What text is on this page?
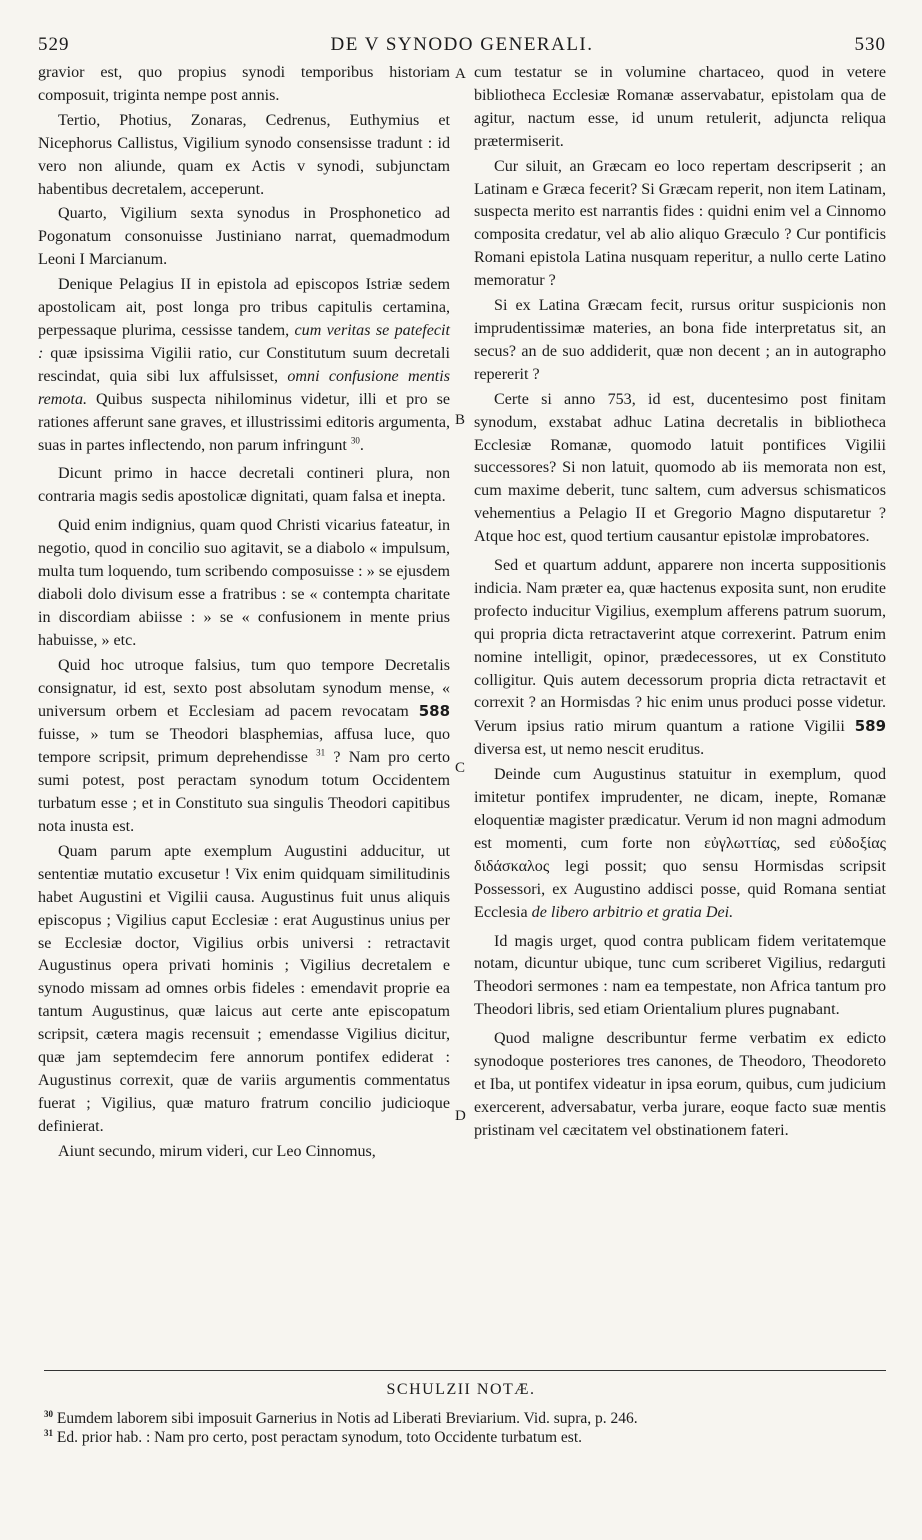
529	DE V SYNODO GENERALI.	530
A
B
C
D

gravior est, quo propius synodi temporibus historiam composuit, triginta nempe post annis.

Tertio, Photius, Zonaras, Cedrenus, Euthymius et Nicephorus Callistus, Vigilium synodo consensisse tradunt : id vero non aliunde, quam ex Actis v synodi, subjunctam habentibus decretalem, acceperunt.

Quarto, Vigilium sexta synodus in Prosphonetico ad Pogonatum consonuisse Justiniano narrat, quemadmodum Leoni I Marcianum.

Denique Pelagius II in epistola ad episcopos Istriæ sedem apostolicam ait, post longa pro tribus capitulis certamina, perpessaque plurima, cessisse tandem, cum veritas se patefecit : quæ ipsissima Vigilii ratio, cur Constitutum suum decretali rescindat, quia sibi lux affulsisset, omni confusione mentis remota. Quibus suspecta nihilominus videtur, illi et pro se rationes afferunt sane graves, et illustrissimi editoris argumenta, suas in partes inflectendo, non parum infringunt $^{30}$.

Dicunt primo in hacce decretali contineri plura, non contraria magis sedis apostolicæ dignitati, quam falsa et inepta.

Quid enim indignius, quam quod Christi vicarius fateatur, in negotio, quod in concilio suo agitavit, se a diabolo « impulsum, multa tum loquendo, tum scribendo composuisse : » se ejusdem diaboli dolo divisum esse a fratribus : se « contempta charitate in discordiam abiisse : » se « confusionem in mente prius habuisse, » etc.

Quid hoc utroque falsius, tum quo tempore Decretalis consignatur, id est, sexto post absolutam synodum mense, « universum orbem et Ecclesiam ad pacem revocatam 588 fuisse, » tum se Theodori blasphemias, affusa luce, quo tempore scripsit, primum deprehendisse $^{31}$ ? Nam pro certo sumi potest, post peractam synodum totum Occidentem turbatum esse ; et in Constituto sua singulis Theodori capitibus nota inusta est.

Quam parum apte exemplum Augustini adducitur, ut sententiæ mutatio excusetur ! Vix enim quidquam similitudinis habet Augustini et Vigilii causa. Augustinus fuit unus aliquis episcopus ; Vigilius caput Ecclesiæ : erat Augustinus unius per se Ecclesiæ doctor, Vigilius orbis universi : retractavit Augustinus opera privati hominis ; Vigilius decretalem e synodo missam ad omnes orbis fideles : emendavit proprie ea tantum Augustinus, quæ laicus aut certe ante episcopatum scripsit, cætera magis recensuit ; emendasse Vigilius dicitur, quæ jam septemdecim fere annorum pontifex ediderat : Augustinus correxit, quæ de variis argumentis commentatus fuerat ; Vigilius, quæ maturo fratrum concilio judicioque definierat.

Aiunt secundo, mirum videri, cur Leo Cinnomus,

cum testatur se in volumine chartaceo, quod in vetere bibliotheca Ecclesiæ Romanæ asservabatur, epistolam qua de agitur, nactum esse, id unum retulerit, adjuncta reliqua prætermiserit.

Cur siluit, an Græcam eo loco repertam descripserit ; an Latinam e Græca fecerit? Si Græcam reperit, non item Latinam, suspecta merito est narrantis fides : quidni enim vel a Cinnomo composita credatur, vel ab alio aliquo Græculo ? Cur pontificis Romani epistola Latina nusquam reperitur, a nullo certe Latino memoratur ?

Si ex Latina Græcam fecit, rursus oritur suspicionis non imprudentissimæ materies, an bona fide interpretatus sit, an secus? an de suo addiderit, quæ non decent ; an in autographo repererit ?

Certe si anno 753, id est, ducentesimo post finitam synodum, exstabat adhuc Latina decretalis in bibliotheca Ecclesiæ Romanæ, quomodo latuit pontifices Vigilii successores? Si non latuit, quomodo ab iis memorata non est, cum maxime deberit, tunc saltem, cum adversus schismaticos vehementius a Pelagio II et Gregorio Magno disputaretur ? Atque hoc est, quod tertium causantur epistolæ improbatores.

Sed et quartum addunt, apparere non incerta suppositionis indicia. Nam præter ea, quæ hactenus exposita sunt, non erudite profecto inducitur Vigilius, exemplum afferens patrum suorum, qui propria dicta retractaverint atque correxerint. Patrum enim nomine intelligit, opinor, prædecessores, ut ex Constituto colligitur. Quis autem decessorum propria dicta retractavit et correxit ? an Hormisdas ? hic enim unus produci posse videtur. Verum ipsius ratio mirum quantum a ratione Vigilii 589 diversa est, ut nemo nescit eruditus.

Deinde cum Augustinus statuitur in exemplum, quod imitetur pontifex imprudenter, ne dicam, inepte, Romanæ eloquentiæ magister prædicatur. Verum id non magni admodum est momenti, cum forte non εὐγλωττίας, sed εὐδοξίας διδάσκαλος legi possit; quo sensu Hormisdas scripsit Possessori, ex Augustino addisci posse, quid Romana sentiat Ecclesia de libero arbitrio et gratia Dei.

Id magis urget, quod contra publicam fidem veritatemque notam, dicuntur ubique, tunc cum scriberet Vigilius, redarguti Theodori sermones : nam ea tempestate, non Africa tantum pro Theodori libris, sed etiam Orientalium plures pugnabant.

Quod maligne describuntur ferme verbatim ex edicto synodoque posteriores tres canones, de Theodoro, Theodoreto et Iba, ut pontifex videatur in ipsa eorum, quibus, cum judicium exercerent, adversabatur, verba jurare, eoque facto suæ mentis pristinam vel cæcitatem vel obstinationem fateri.

SCHULZII NOTÆ.
$^{30}$ Eumdem laborem sibi imposuit Garnerius in Notis ad Liberati Breviarium. Vid. supra, p. 246.
$^{31}$ Ed. prior hab. : Nam pro certo, post peractam synodum, toto Occidente turbatum est.
